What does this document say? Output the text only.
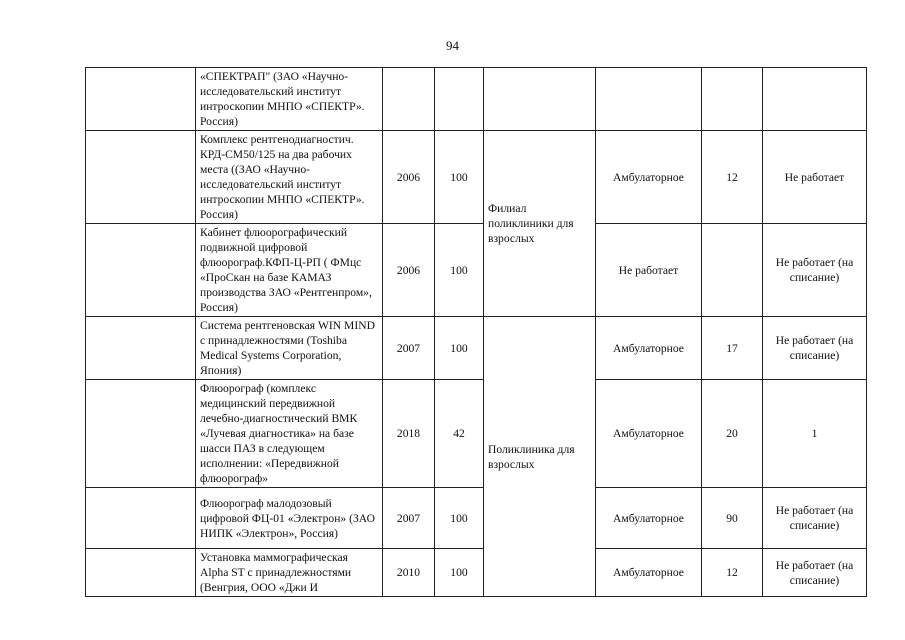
94
	«СПЕКТРАП" (ЗАО «Научно-исследовательский институт интроскопии МНПО «СПЕКТР». Россия)						
	Комплекс рентгенодиагностич. КРД-СМ50/125 на два рабочих места ((ЗАО «Научно-исследовательский институт интроскопии МНПО «СПЕКТР». Россия)	2006	100	Филиал поликлиники для взрослых	Амбулаторное	12	Не работает
	Кабинет флюорографический подвижной цифровой флюорограф.КФП-Ц-РП ( ФМцс «ПроСкан на базе КАМАЗ производства ЗАО «Рентгенпром», Россия)	2006	100		Не работает		Не работает (на списание)
	Система рентгеновская WIN MIND с принадлежностями (Toshiba Medical Systems Corporation, Япония)	2007	100	Поликлиника для взрослых	Амбулаторное	17	Не работает (на списание)
	Флюорограф (комплекс медицинский передвижной лечебно-диагностический ВМК «Лучевая диагностика» на базе шасси ПАЗ в следующем исполнении: «Передвижной флюорограф»	2018	42		Амбулаторное	20	1
	Флюорограф малодозовый цифровой ФЦ-01 «Электрон» (ЗАО НИПК «Электрон», Россия)	2007	100		Амбулаторное	90	Не работает (на списание)
	Установка маммографическая Alpha ST с принадлежностями (Венгрия, ООО «Джи И	2010	100		Амбулаторное	12	Не работает (на списание)
